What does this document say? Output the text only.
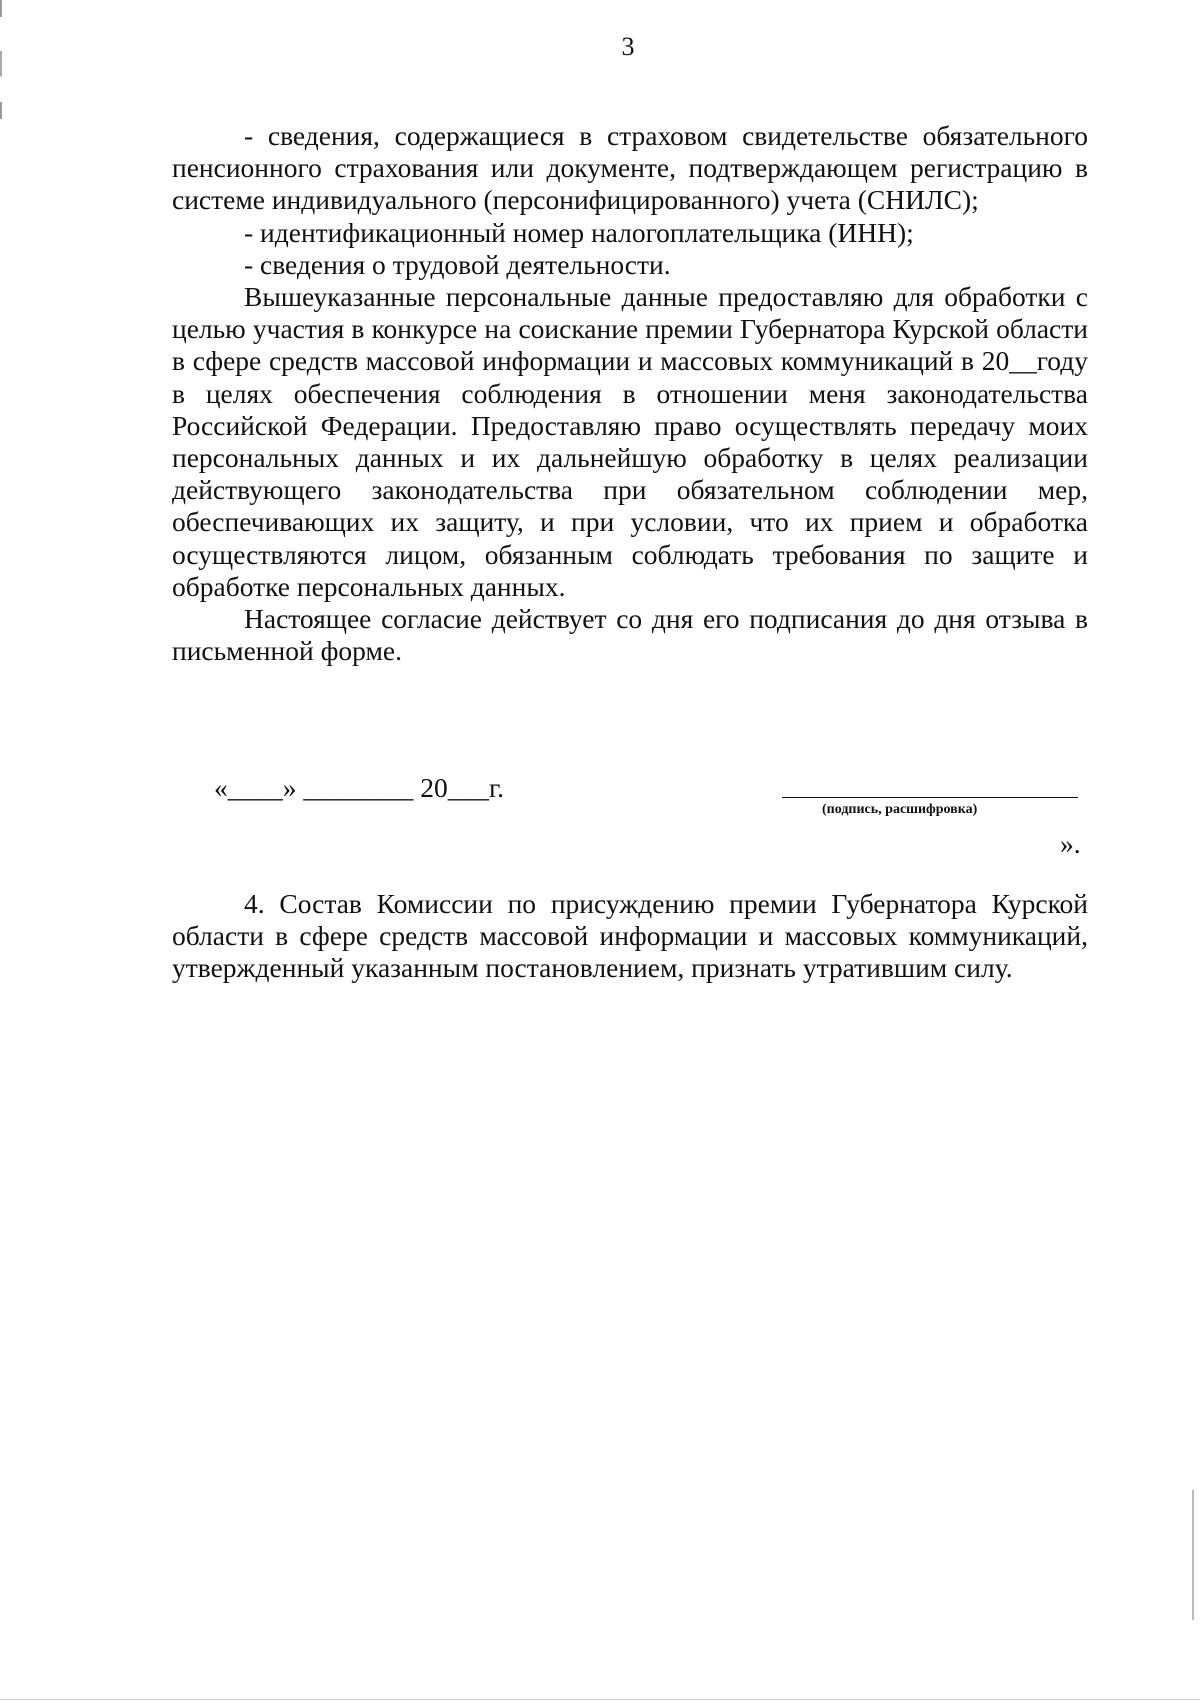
3

- сведения, содержащиеся в страховом свидетельстве обязательного пенсионного страхования или документе, подтверждающем регистрацию в системе индивидуального (персонифицированного) учета (СНИЛС);

- идентификационный номер налогоплательщика (ИНН);

- сведения о трудовой деятельности.

Вышеуказанные персональные данные предоставляю для обработки с целью участия в конкурсе на соискание премии Губернатора Курской области в сфере средств массовой информации и массовых коммуникаций в 20__году в целях обеспечения соблюдения в отношении меня законодательства Российской Федерации. Предоставляю право осуществлять передачу моих персональных данных и их дальнейшую обработку в целях реализации действующего законодательства при обязательном соблюдении мер, обеспечивающих их защиту, и при условии, что их прием и обработка осуществляются лицом, обязанным соблюдать требования по защите и обработке персональных данных.

Настоящее согласие действует со дня его подписания до дня отзыва в письменной форме.

«____» ________ 20___г.
(подпись, расшифровка)
».

4. Состав Комиссии по присуждению премии Губернатора Курской области в сфере средств массовой информации и массовых коммуникаций, утвержденный указанным постановлением, признать утратившим силу.
